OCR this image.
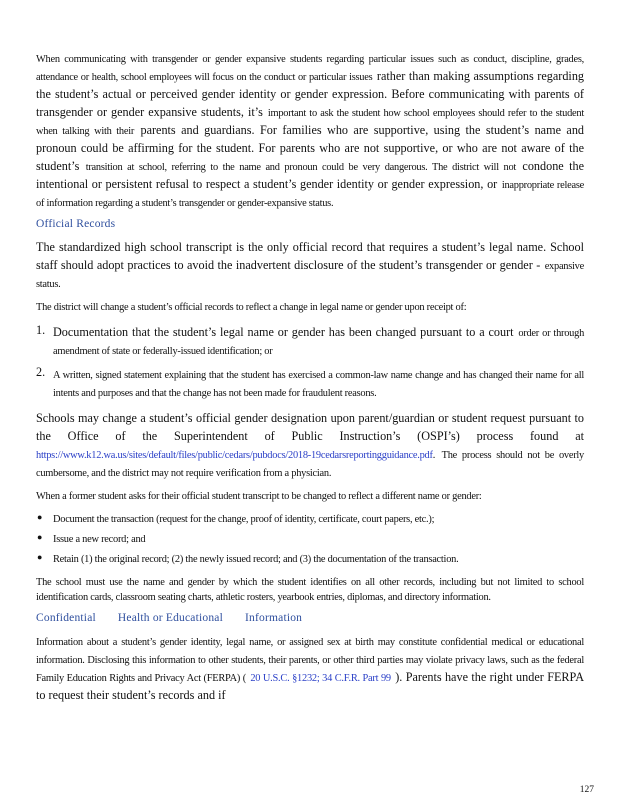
When communicating with transgender or gender expansive students regarding particular issues such as conduct, discipline, grades, attendance or health, school employees will focus on the conduct or particular issues rather than making assumptions regarding the student’s actual or perceived gender identity or gender expression. Before communicating with parents of transgender or gender expansive students, it’s important to ask the student how school employees should refer to the student when talking with their parents and guardians. For families who are supportive, using the student’s name and pronoun could be affirming for the student. For parents who are not supportive, or who are not aware of the student’s transition at school, referring to the name and pronoun could be very dangerous. The district will not condone the intentional or persistent refusal to respect a student’s gender identity or gender expression, or inappropriate release of information regarding a student’s transgender or gender-expansive status.

Official Records

The standardized high school transcript is the only official record that requires a student’s legal name. School staff should adopt practices to avoid the inadvertent disclosure of the student’s transgender or gender - expansive status.

The district will change a student’s official records to reflect a change in legal name or gender upon receipt of:

1. Documentation that the student’s legal name or gender has been changed pursuant to a court order or through amendment of state or federally-issued identification; or

2. A written, signed statement explaining that the student has exercised a common-law name change and has changed their name for all intents and purposes and that the change has not been made for fraudulent reasons.

Schools may change a student’s official gender designation upon parent/guardian or student request pursuant to the Office of the Superintendent of Public Instruction’s (OSPI’s) process found at https://www.k12.wa.us/sites/default/files/public/cedars/pubdocs/2018-19cedarsreportingguidance.pdf. The process should not be overly cumbersome, and the district may not require verification from a physician.

When a former student asks for their official student transcript to be changed to reflect a different name or gender:

● Document the transaction (request for the change, proof of identity, certificate, court papers, etc.);

● Issue a new record; and

● Retain (1) the original record; (2) the newly issued record; and (3) the documentation of the transaction.

The school must use the name and gender by which the student identifies on all other records, including but not limited to school identification cards, classroom seating charts, athletic rosters, yearbook entries, diplomas, and directory information.

Confidential Health or Educational Information

Information about a student’s gender identity, legal name, or assigned sex at birth may constitute confidential medical or educational information. Disclosing this information to other students, their parents, or other third parties may violate privacy laws, such as the federal Family Education Rights and Privacy Act (FERPA) ( 20 U.S.C. §1232; 34 C.F.R. Part 99 ). Parents have the right under FERPA to request their student’s records and if

127
